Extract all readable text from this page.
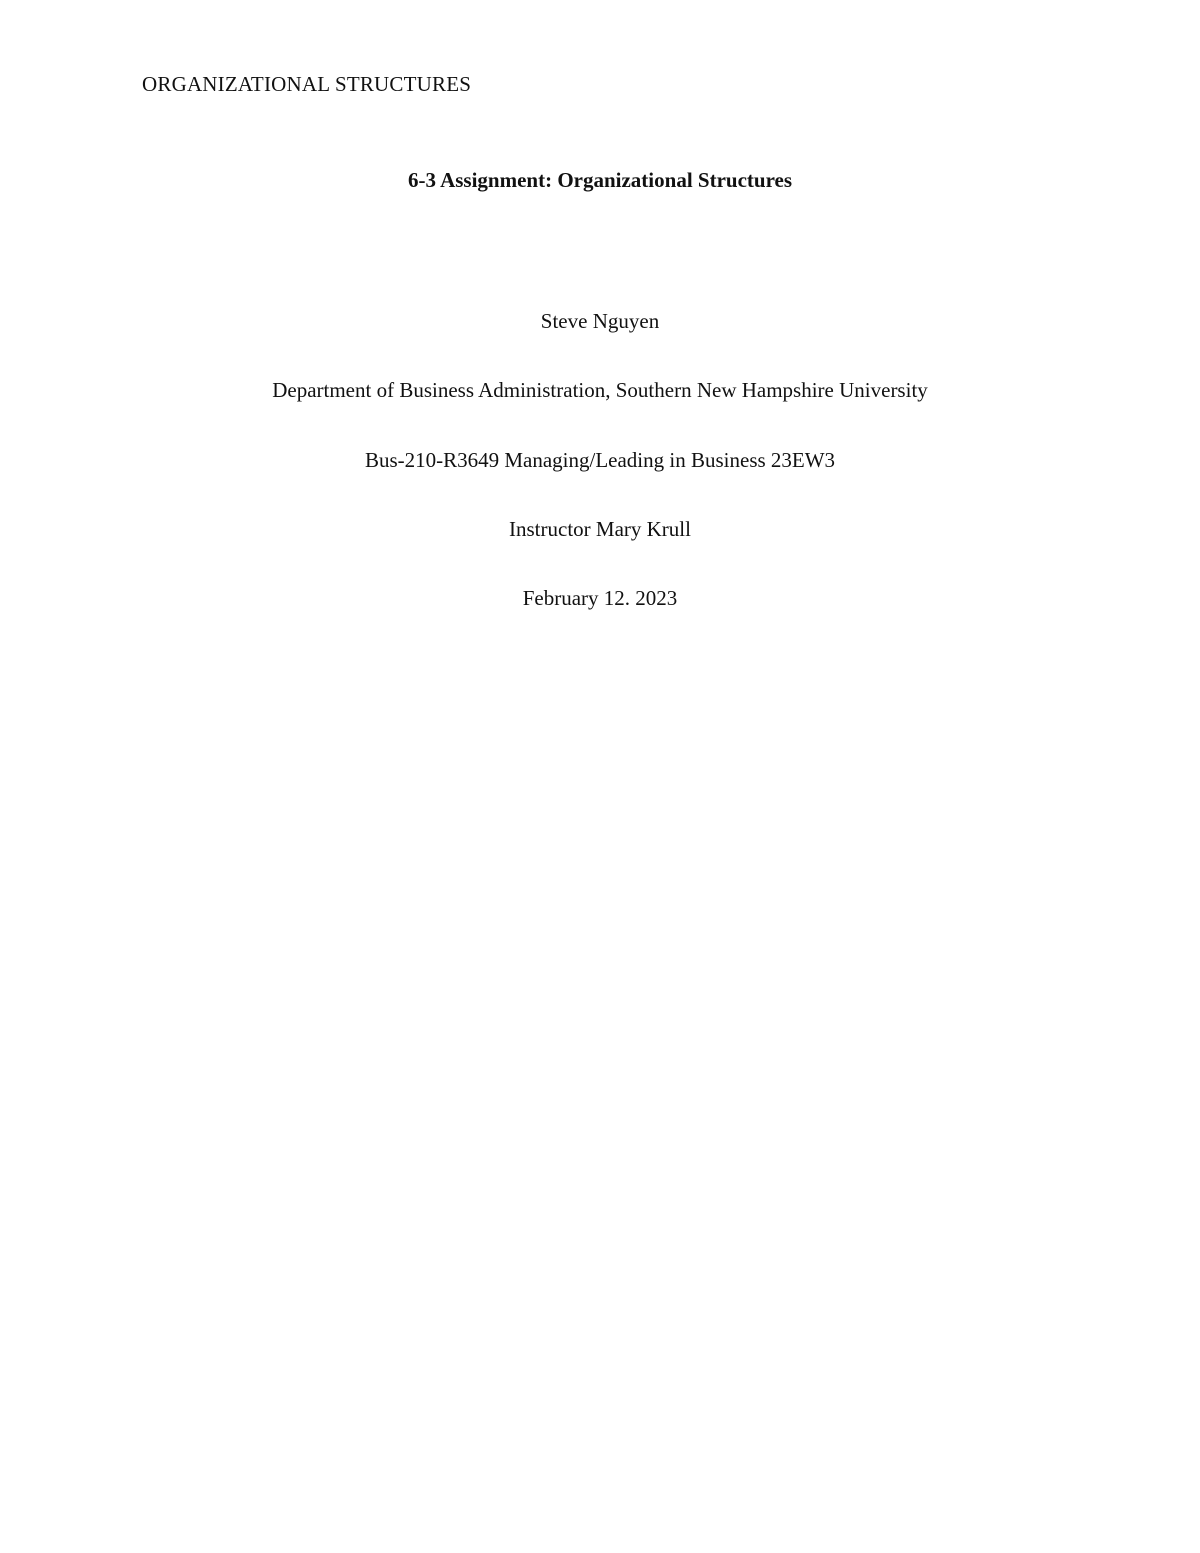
ORGANIZATIONAL STRUCTURES
6-3 Assignment: Organizational Structures
Steve Nguyen
Department of Business Administration, Southern New Hampshire University
Bus-210-R3649 Managing/Leading in Business 23EW3
Instructor Mary Krull
February 12. 2023
